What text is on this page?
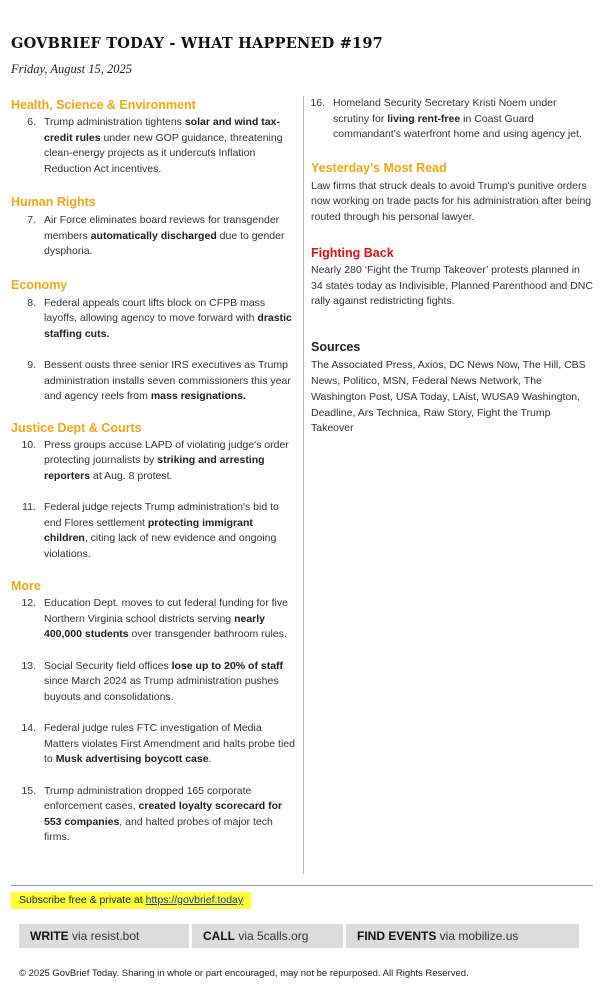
GOVBRIEF TODAY - WHAT HAPPENED #197
Friday, August 15, 2025
Health, Science & Environment
6. Trump administration tightens solar and wind tax-credit rules under new GOP guidance, threatening clean-energy projects as it undercuts Inflation Reduction Act incentives.
Human Rights
7. Air Force eliminates board reviews for transgender members automatically discharged due to gender dysphoria.
Economy
8. Federal appeals court lifts block on CFPB mass layoffs, allowing agency to move forward with drastic staffing cuts.
9. Bessent ousts three senior IRS executives as Trump administration installs seven commissioners this year and agency reels from mass resignations.
Justice Dept & Courts
10. Press groups accuse LAPD of violating judge's order protecting journalists by striking and arresting reporters at Aug. 8 protest.
11. Federal judge rejects Trump administration's bid to end Flores settlement protecting immigrant children, citing lack of new evidence and ongoing violations.
More
12. Education Dept. moves to cut federal funding for five Northern Virginia school districts serving nearly 400,000 students over transgender bathroom rules.
13. Social Security field offices lose up to 20% of staff since March 2024 as Trump administration pushes buyouts and consolidations.
14. Federal judge rules FTC investigation of Media Matters violates First Amendment and halts probe tied to Musk advertising boycott case.
15. Trump administration dropped 165 corporate enforcement cases, created loyalty scorecard for 553 companies, and halted probes of major tech firms.
16. Homeland Security Secretary Kristi Noem under scrutiny for living rent-free in Coast Guard commandant's waterfront home and using agency jet.
Yesterday's Most Read
Law firms that struck deals to avoid Trump's punitive orders now working on trade pacts for his administration after being routed through his personal lawyer.
Fighting Back
Nearly 280 ‘Fight the Trump Takeover’ protests planned in 34 states today as Indivisible, Planned Parenthood and DNC rally against redistricting fights.
Sources
The Associated Press, Axios, DC News Now, The Hill, CBS News, Politico, MSN, Federal News Network, The Washington Post, USA Today, LAist, WUSA9 Washington, Deadline, Ars Technica, Raw Story, Fight the Trump Takeover
Subscribe free & private at https://govbrief.today
WRITE via resist.bot	CALL via 5calls.org	FIND EVENTS via mobilize.us
© 2025 GovBrief Today. Sharing in whole or part encouraged, may not be repurposed. All Rights Reserved.
